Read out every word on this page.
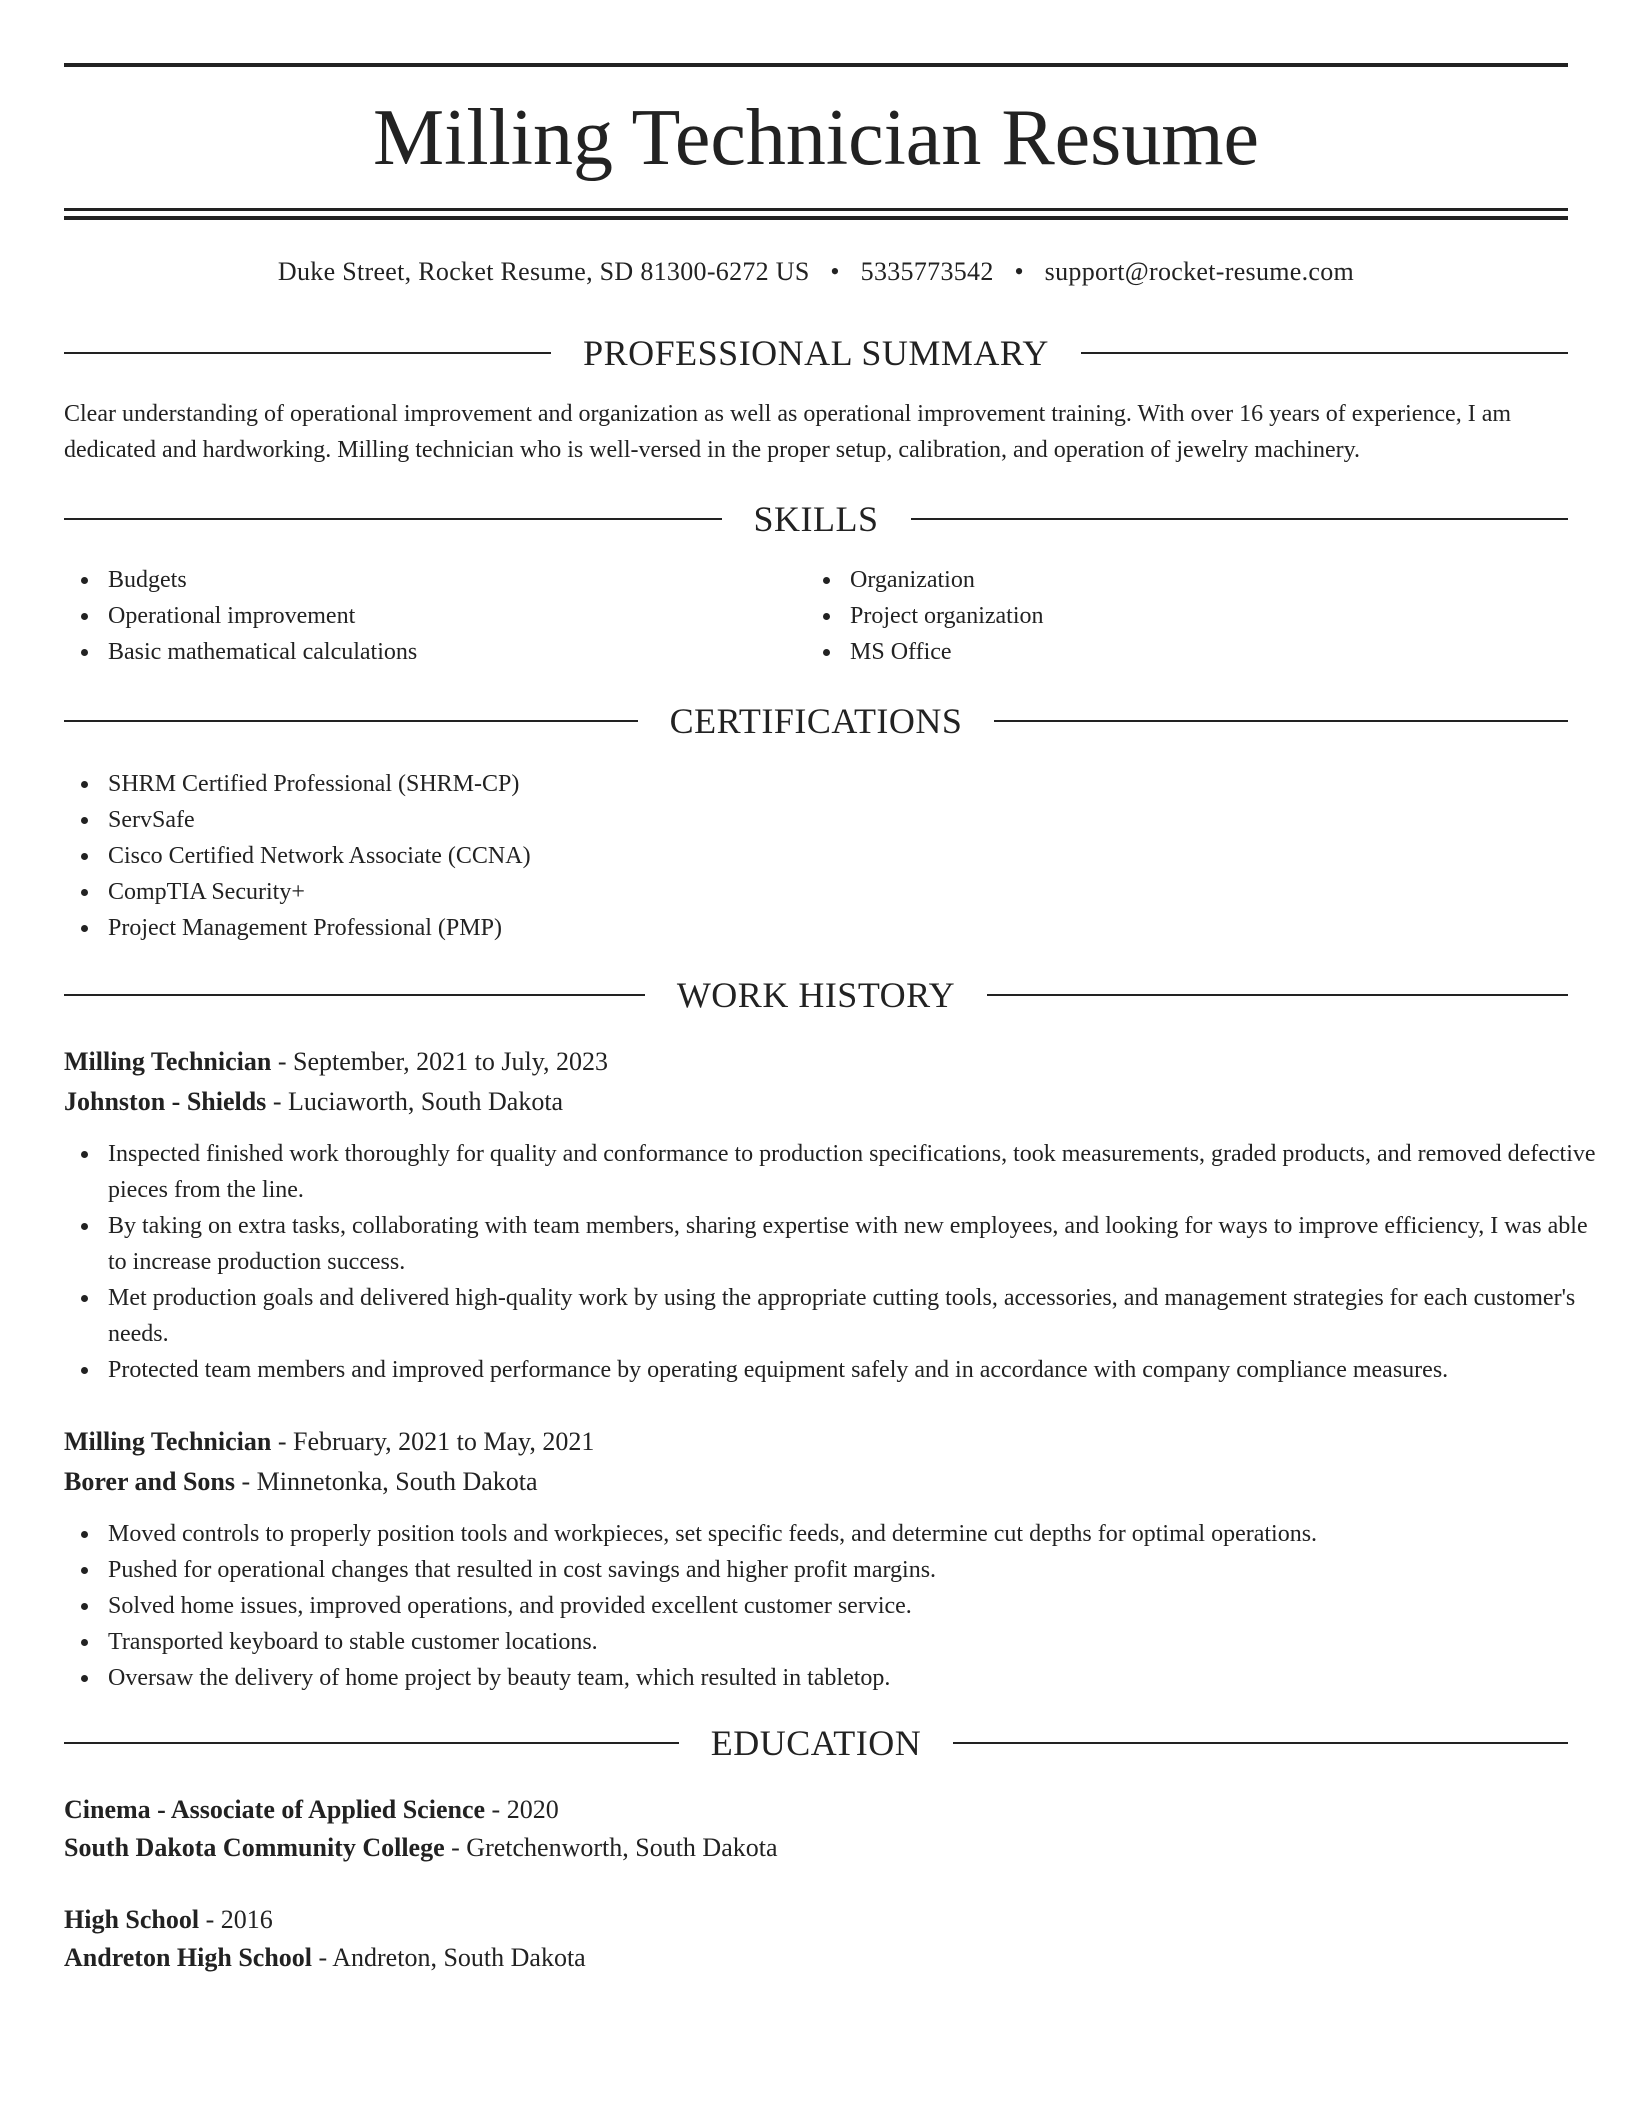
Milling Technician Resume
Duke Street, Rocket Resume, SD 81300-6272 US • 5335773542 • support@rocket-resume.com
PROFESSIONAL SUMMARY

Clear understanding of operational improvement and organization as well as operational improvement training. With over 16 years of experience, I am dedicated and hardworking. Milling technician who is well-versed in the proper setup, calibration, and operation of jewelry machinery.

SKILLS
Budgets
Operational improvement
Basic mathematical calculations
Organization
Project organization
MS Office
CERTIFICATIONS
SHRM Certified Professional (SHRM-CP)
ServSafe
Cisco Certified Network Associate (CCNA)
CompTIA Security+
Project Management Professional (PMP)
WORK HISTORY
Milling Technician - September, 2021 to July, 2023
Johnston - Shields - Luciaworth, South Dakota
Inspected finished work thoroughly for quality and conformance to production specifications, took measurements, graded products, and removed defective pieces from the line.
By taking on extra tasks, collaborating with team members, sharing expertise with new employees, and looking for ways to improve efficiency, I was able to increase production success.
Met production goals and delivered high-quality work by using the appropriate cutting tools, accessories, and management strategies for each customer's needs.
Protected team members and improved performance by operating equipment safely and in accordance with company compliance measures.
Milling Technician - February, 2021 to May, 2021
Borer and Sons - Minnetonka, South Dakota
Moved controls to properly position tools and workpieces, set specific feeds, and determine cut depths for optimal operations.
Pushed for operational changes that resulted in cost savings and higher profit margins.
Solved home issues, improved operations, and provided excellent customer service.
Transported keyboard to stable customer locations.
Oversaw the delivery of home project by beauty team, which resulted in tabletop.
EDUCATION
Cinema - Associate of Applied Science - 2020
South Dakota Community College - Gretchenworth, South Dakota
High School - 2016
Andreton High School - Andreton, South Dakota
